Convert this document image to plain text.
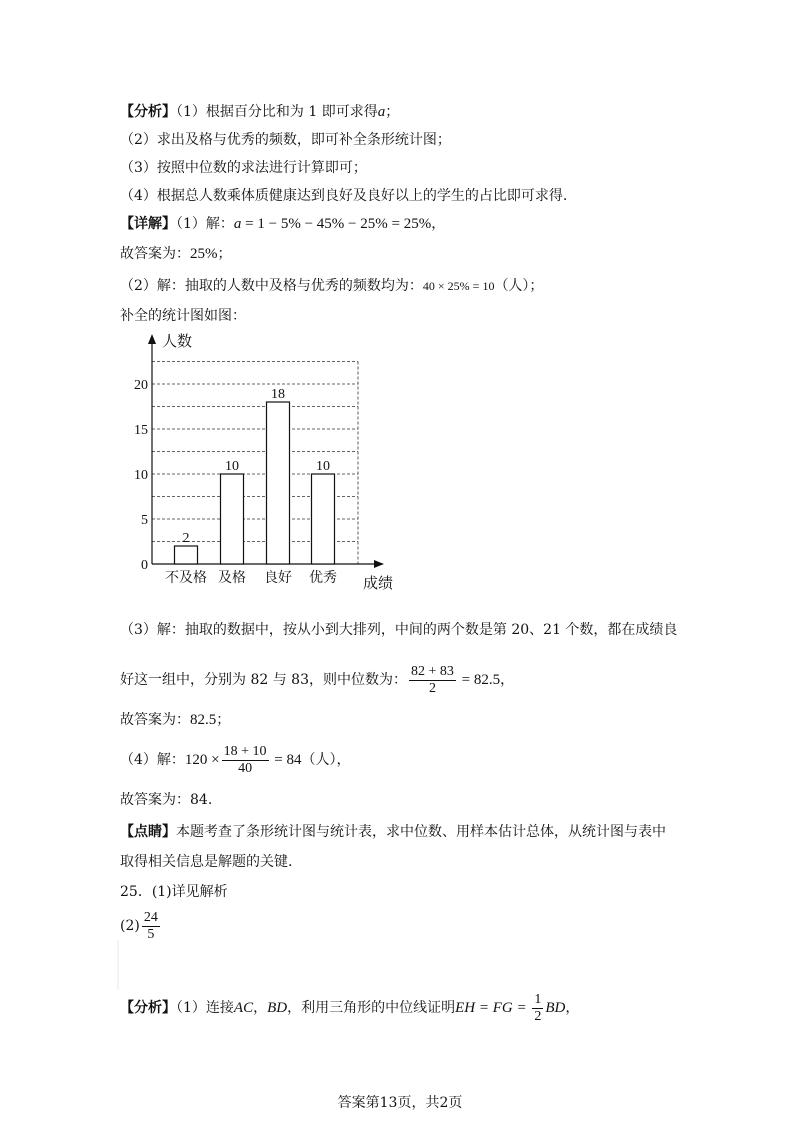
【分析】（1）根据百分比和为 1 即可求得a；
（2）求出及格与优秀的频数，即可补全条形统计图；
（3）按照中位数的求法进行计算即可；
（4）根据总人数乘体质健康达到良好及良好以上的学生的占比即可求得.
【详解】（1）解：a = 1 − 5% − 45% − 25% = 25%，
故答案为：25%；
（2）解：抽取的人数中及格与优秀的频数均为：40 × 25% = 10（人）；
补全的统计图如图：
0
5
10
15
20
人数
成绩
2
不及格
10
及格
18
良好
10
优秀
（3）解：抽取的数据中，按从小到大排列，中间的两个数是第 20、21 个数，都在成绩良
好这一组中，分别为 82 与 83，则中位数为： $\frac{82 + 83}{2} = 82.5$，
故答案为：82.5；
（4）解：$120 \times \frac{18 + 10}{40} = 84$（人），
故答案为：84.
【点睛】本题考查了条形统计图与统计表，求中位数、用样本估计总体，从统计图与表中
取得相关信息是解题的关键.
25．(1)详见解析
$(2) \frac{24}{5}$
【分析】（1）连接AC，BD，利用三角形的中位线证明EH = FG = $\frac{1}{2}$ BD，
答案第13页，共2页
